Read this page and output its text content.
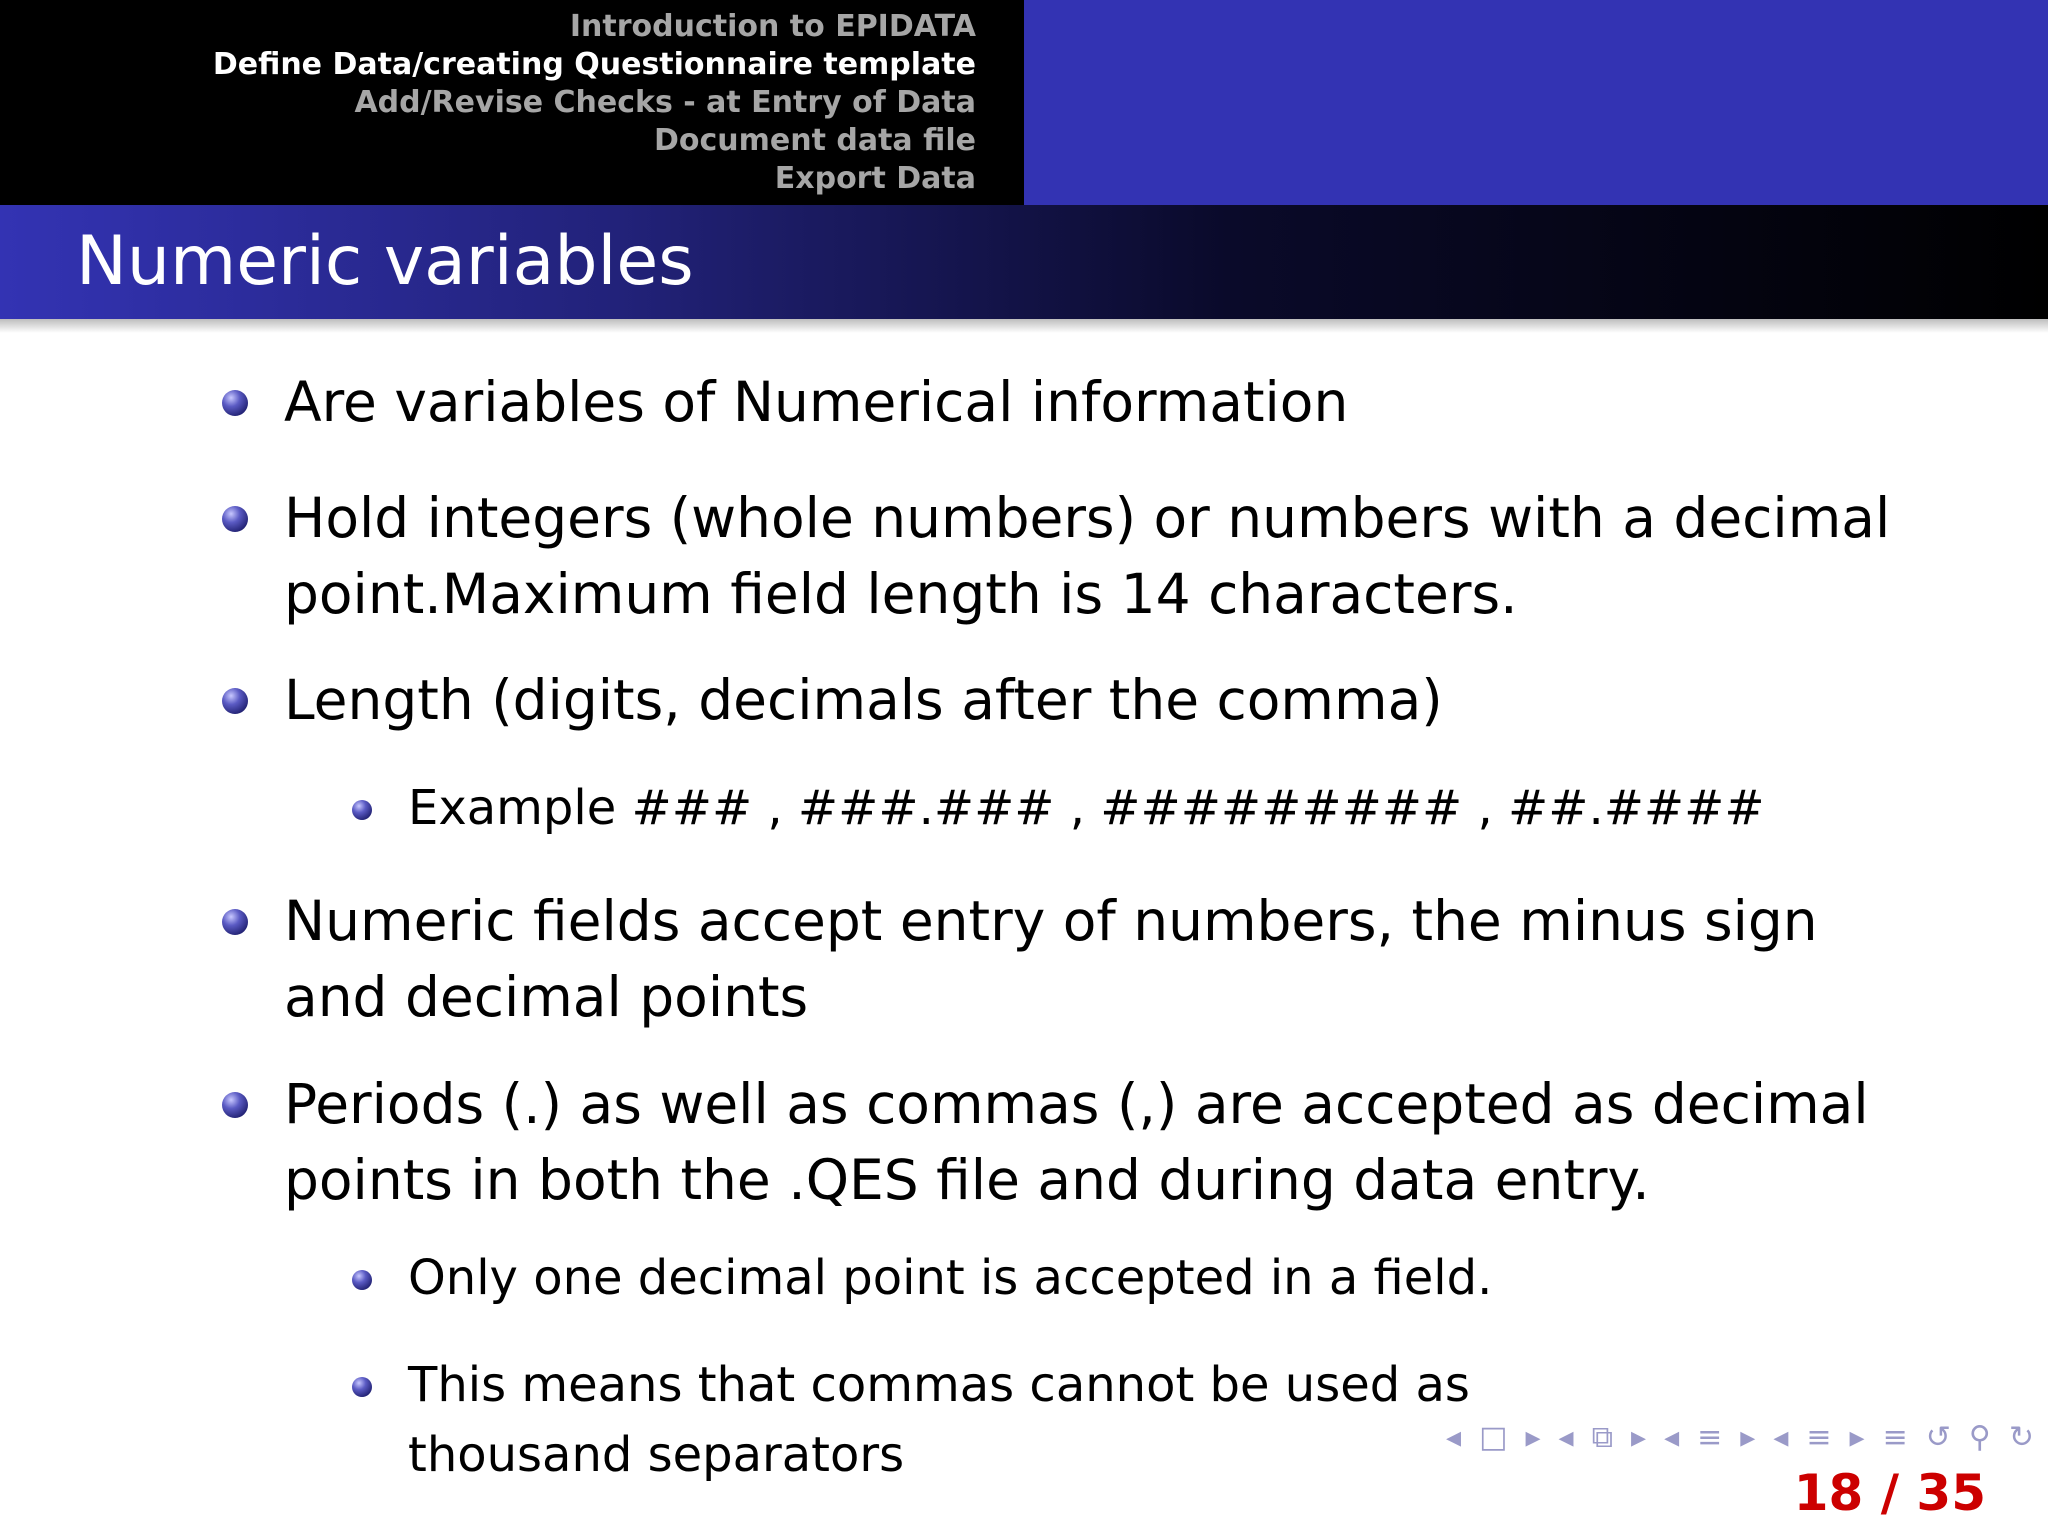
Introduction to EPIDATA
Define Data/creating Questionnaire template
Add/Revise Checks - at Entry of Data
Document data file
Export Data
Numeric variables
Are variables of Numerical information
Hold integers (whole numbers) or numbers with a decimal point.Maximum field length is 14 characters.
Length (digits, decimals after the comma)
Example ### , ###.### , ######### , ##.####
Numeric fields accept entry of numbers, the minus sign and decimal points
Periods (.) as well as commas (,) are accepted as decimal points in both the .QES file and during data entry.
Only one decimal point is accepted in a field.
This means that commas cannot be used as thousand separators	◂ □ ▸ ◂ ⧉ ▸ ◂ ≡ ▸ ◂ ≡ ▸ ≡ ↺ ⚲ ↻
18 / 35
